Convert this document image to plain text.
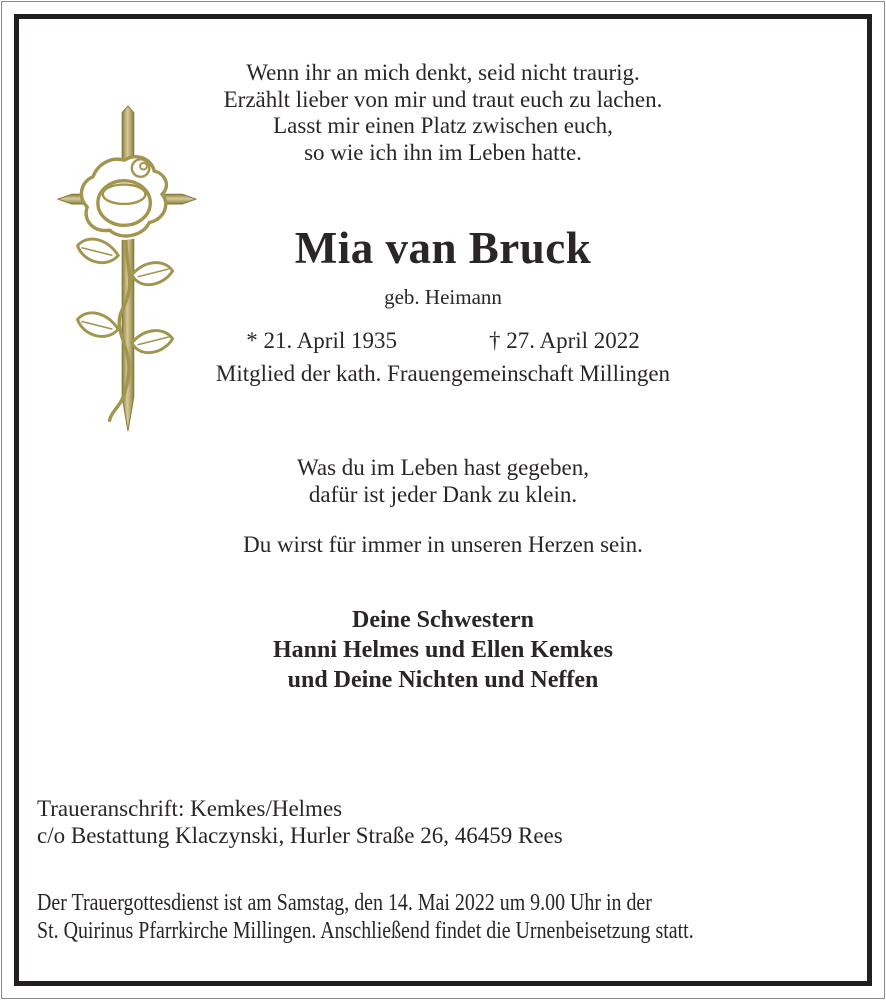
Wenn ihr an mich denkt, seid nicht traurig.
Erzählt lieber von mir und traut euch zu lachen.
Lasst mir einen Platz zwischen euch,
so wie ich ihn im Leben hatte.
Mia van Bruck
geb. Heimann
* 21. April 1935	† 27. April 2022
Mitglied der kath. Frauengemeinschaft Millingen
Was du im Leben hast gegeben,
dafür ist jeder Dank zu klein.
Du wirst für immer in unseren Herzen sein.
Deine Schwestern
Hanni Helmes und Ellen Kemkes
und Deine Nichten und Neffen
Traueranschrift: Kemkes/Helmes
c/o Bestattung Klaczynski, Hurler Straße 26, 46459 Rees
Der Trauergottesdienst ist am Samstag, den 14. Mai 2022 um 9.00 Uhr in der
St. Quirinus Pfarrkirche Millingen. Anschließend findet die Urnenbeisetzung statt.
